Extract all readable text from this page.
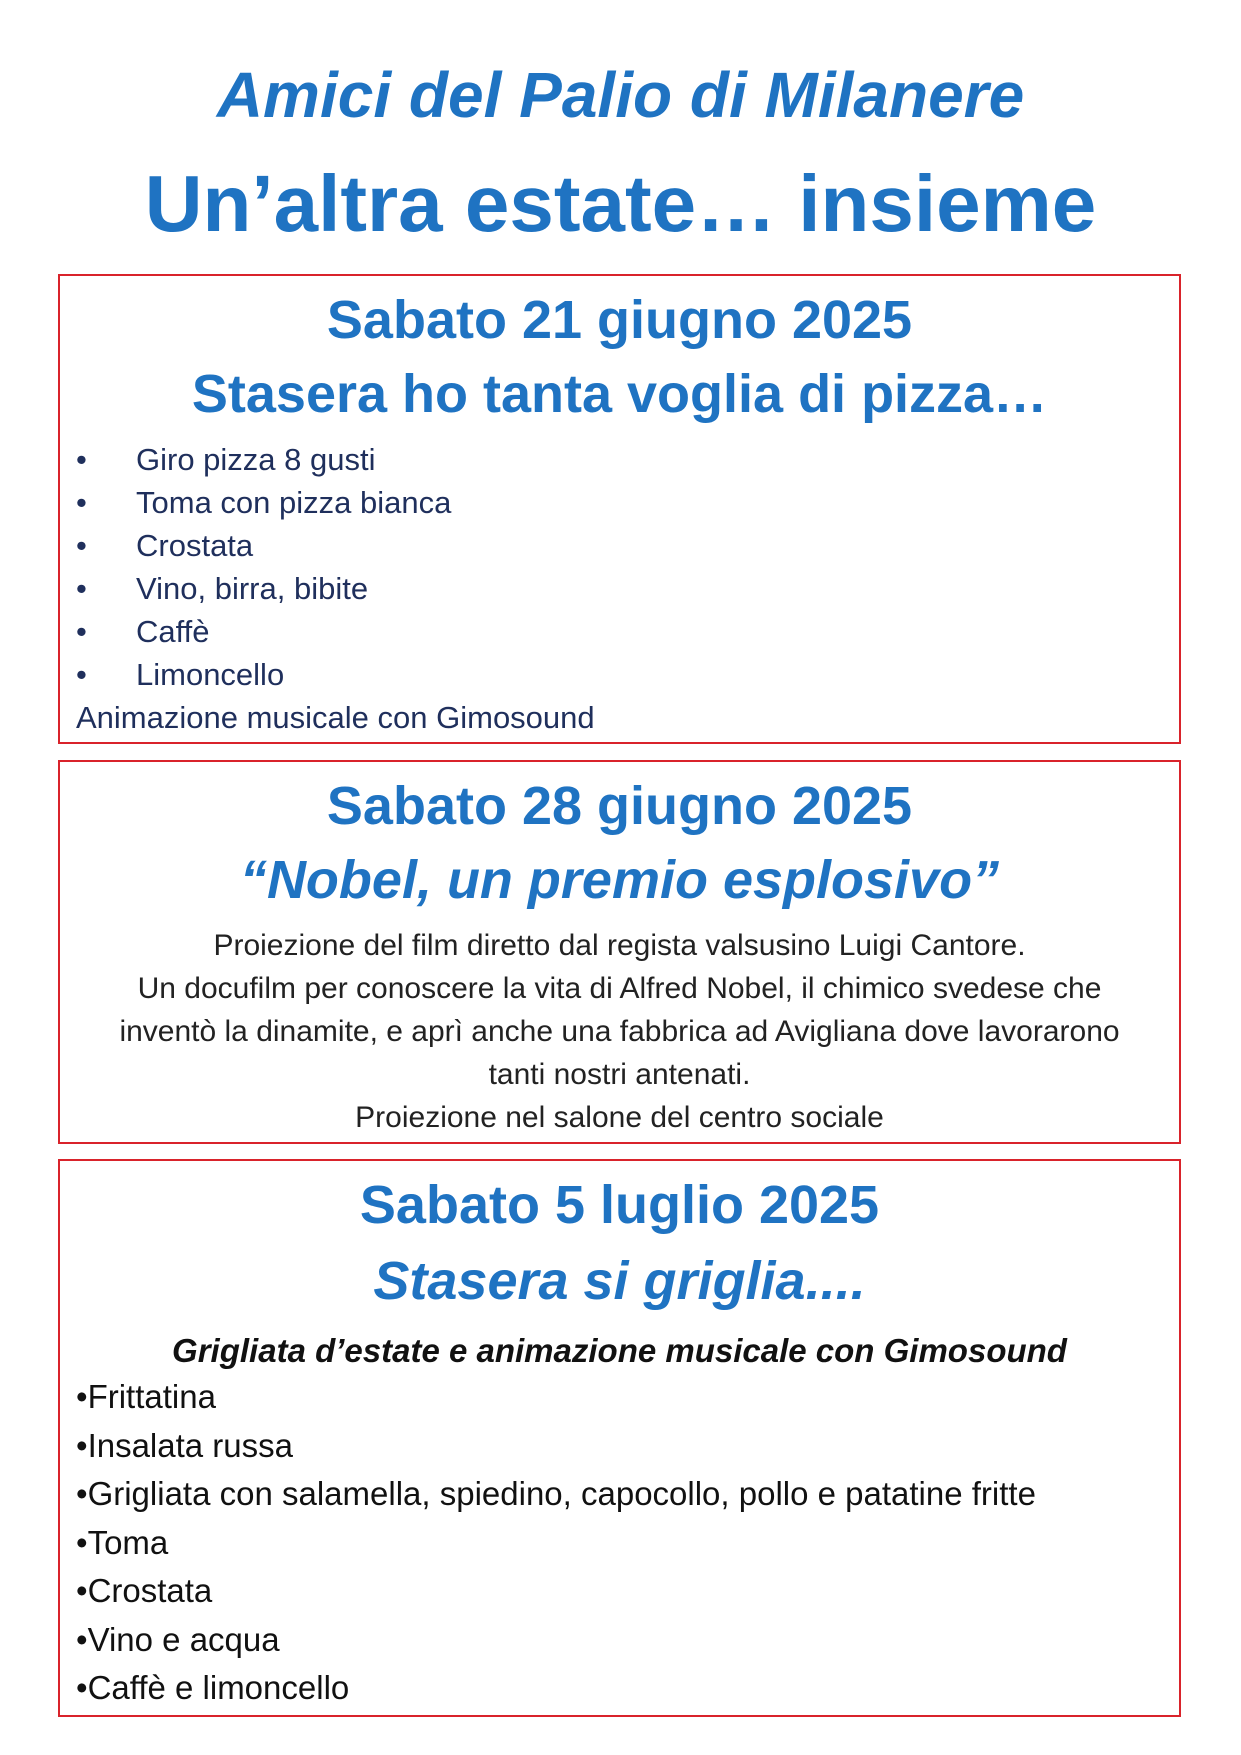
Amici del Palio di Milanere
Un’altra estate… insieme
Sabato 21 giugno 2025
Stasera ho tanta voglia di pizza…
• Giro pizza 8 gusti
• Toma con pizza bianca
• Crostata
• Vino, birra, bibite
• Caffè
• Limoncello
Animazione musicale con Gimosound
Sabato 28 giugno 2025
“Nobel, un premio esplosivo”
Proiezione del film diretto dal regista valsusino Luigi Cantore.
Un docufilm per conoscere la vita di Alfred Nobel, il chimico svedese che
inventò la dinamite, e aprì anche una fabbrica ad Avigliana dove lavorarono
tanti nostri antenati.
Proiezione nel salone del centro sociale
Sabato 5 luglio 2025
Stasera si griglia....
Grigliata d’estate e animazione musicale con Gimosound
•Frittatina
•Insalata russa
•Grigliata con salamella, spiedino, capocollo, pollo e patatine fritte
•Toma
•Crostata
•Vino e acqua
•Caffè e limoncello
